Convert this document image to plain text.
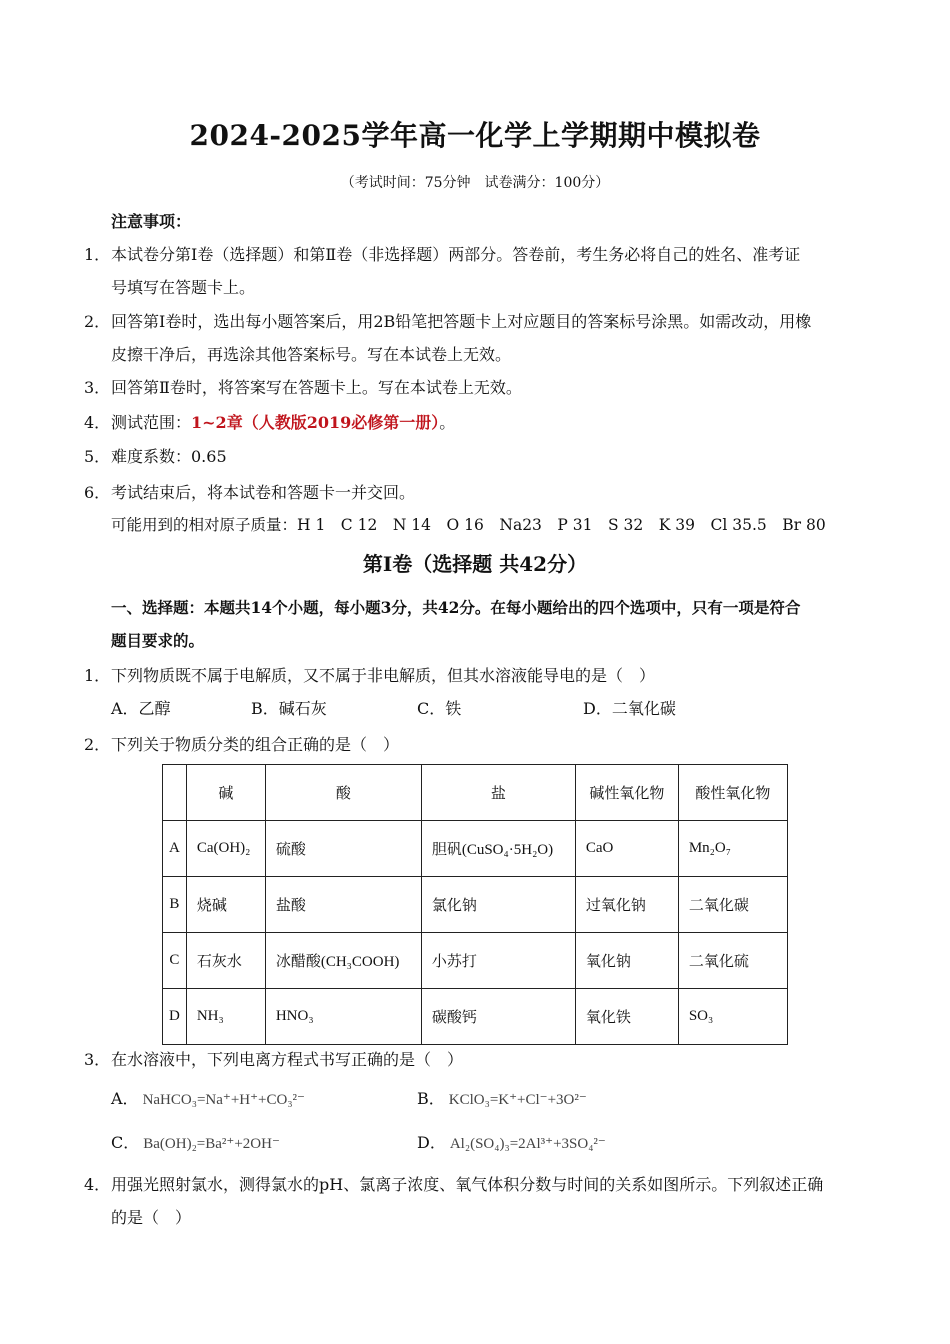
2024-2025学年高一化学上学期期中模拟卷
（考试时间：75分钟　试卷满分：100分）
注意事项：
1． 本试卷分第Ⅰ卷（选择题）和第Ⅱ卷（非选择题）两部分。答卷前，考生务必将自己的姓名、准考证
号填写在答题卡上。
2． 回答第Ⅰ卷时，选出每小题答案后，用2B铅笔把答题卡上对应题目的答案标号涂黑。如需改动，用橡
皮擦干净后，再选涂其他答案标号。写在本试卷上无效。
3． 回答第Ⅱ卷时，将答案写在答题卡上。写在本试卷上无效。
4． 测试范围：1~2章（人教版2019必修第一册）。
5． 难度系数：0.65
6． 考试结束后，将本试卷和答题卡一并交回。
可能用到的相对原子质量：H 1　C 12　N 14　O 16　Na23　P 31　S 32　K 39　Cl 35.5　Br 80
第Ⅰ卷（选择题 共42分）
一、选择题：本题共14个小题，每小题3分，共42分。在每小题给出的四个选项中，只有一项是符合
题目要求的。
1． 下列物质既不属于电解质，又不属于非电解质，但其水溶液能导电的是（　）
A．乙醇	B．碱石灰	C．铁	D．二氧化碳
2． 下列关于物质分类的组合正确的是（　）
	碱	酸	盐	碱性氧化物	酸性氧化物
A	Ca(OH)₂	硫酸	胆矾(CuSO₄·5H₂O)	CaO	Mn₂O₇
B	烧碱	盐酸	氯化钠	过氧化钠	二氧化碳
C	石灰水	冰醋酸(CH₃COOH)	小苏打	氧化钠	二氧化硫
D	NH₃	HNO₃	碳酸钙	氧化铁	SO₃
3． 在水溶液中，下列电离方程式书写正确的是（　）
A． NaHCO₃=Na⁺+H⁺+CO₃²⁻	B． KClO₃=K⁺+Cl⁻+3O²⁻
C． Ba(OH)₂=Ba²⁺+2OH⁻	D． Al₂(SO₄)₃=2Al³⁺+3SO₄²⁻
4． 用强光照射氯水，测得氯水的pH、氯离子浓度、氧气体积分数与时间的关系如图所示。下列叙述正确
的是（　）
